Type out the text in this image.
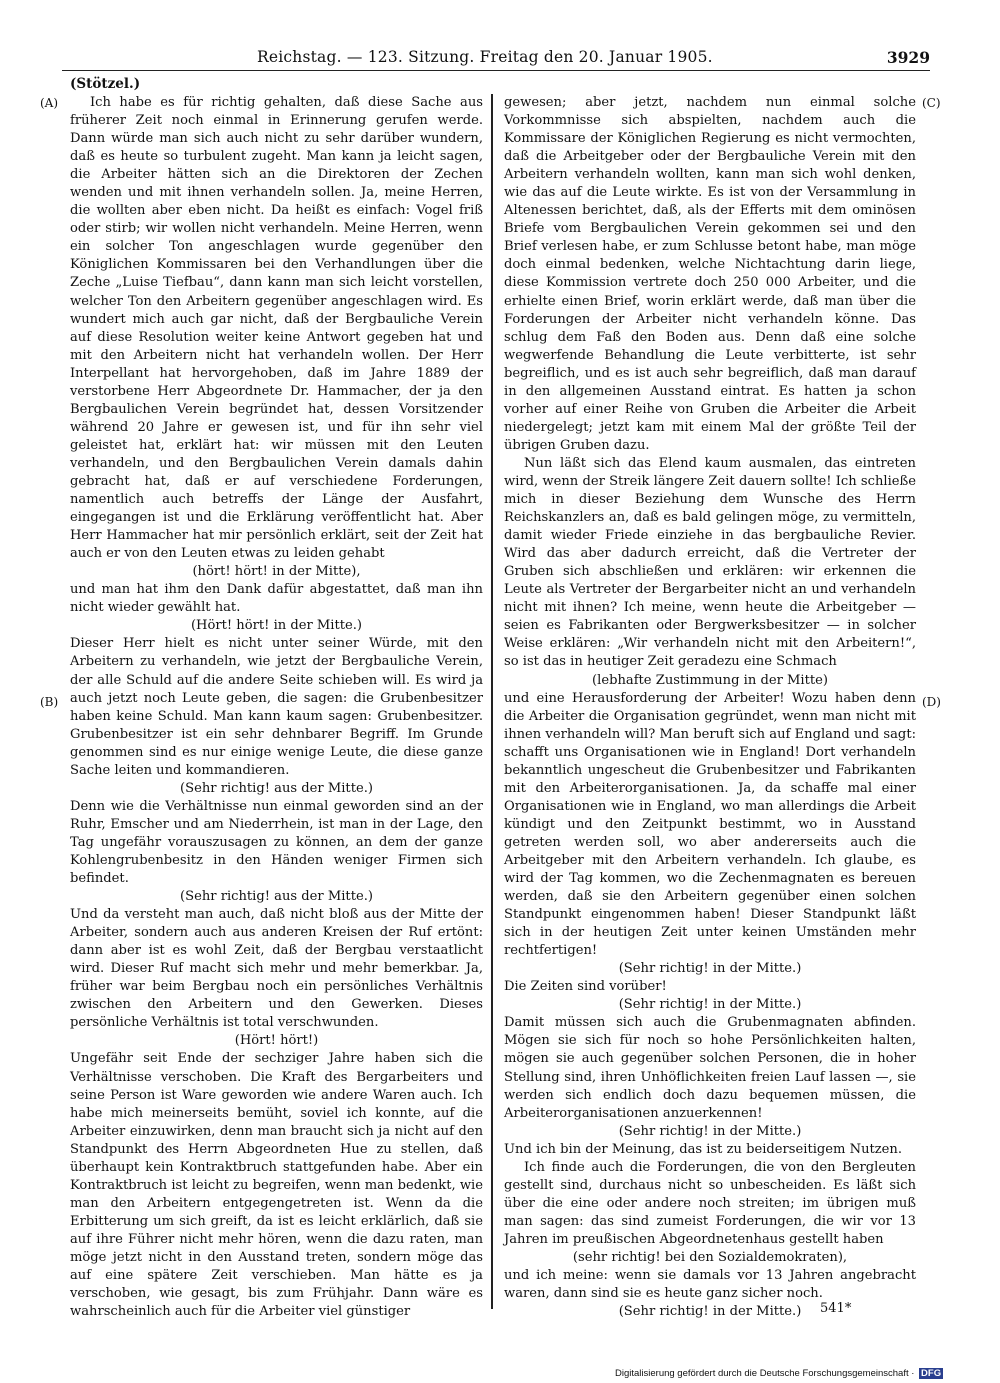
Reichstag. — 123. Sitzung. Freitag den 20. Januar 1905.	3929
(Stötzel.)
(A)
(B)
(C)
(D)

Ich habe es für richtig gehalten, daß diese Sache aus früherer Zeit noch einmal in Erinnerung gerufen werde. Dann würde man sich auch nicht zu sehr darüber wundern, daß es heute so turbulent zugeht. Man kann ja leicht sagen, die Arbeiter hätten sich an die Direktoren der Zechen wenden und mit ihnen verhandeln sollen. Ja, meine Herren, die wollten aber eben nicht. Da heißt es einfach: Vogel friß oder stirb; wir wollen nicht verhandeln. Meine Herren, wenn ein solcher Ton angeschlagen wurde gegenüber den Königlichen Kommissaren bei den Verhandlungen über die Zeche „Luise Tiefbau“, dann kann man sich leicht vorstellen, welcher Ton den Arbeitern gegenüber angeschlagen wird. Es wundert mich auch gar nicht, daß der Bergbauliche Verein auf diese Resolution weiter keine Antwort gegeben hat und mit den Arbeitern nicht hat verhandeln wollen. Der Herr Interpellant hat hervorgehoben, daß im Jahre 1889 der verstorbene Herr Abgeordnete Dr. Hammacher, der ja den Bergbaulichen Verein begründet hat, dessen Vorsitzender während 20 Jahre er gewesen ist, und für ihn sehr viel geleistet hat, erklärt hat: wir müssen mit den Leuten verhandeln, und den Bergbaulichen Verein damals dahin gebracht hat, daß er auf verschiedene Forderungen, namentlich auch betreffs der Länge der Ausfahrt, eingegangen ist und die Erklärung veröffentlicht hat. Aber Herr Hammacher hat mir persönlich erklärt, seit der Zeit hat auch er von den Leuten etwas zu leiden gehabt

(hört! hört! in der Mitte),

und man hat ihm den Dank dafür abgestattet, daß man ihn nicht wieder gewählt hat.

(Hört! hört! in der Mitte.)

Dieser Herr hielt es nicht unter seiner Würde, mit den Arbeitern zu verhandeln, wie jetzt der Bergbauliche Verein, der alle Schuld auf die andere Seite schieben will. Es wird ja auch jetzt noch Leute geben, die sagen: die Grubenbesitzer haben keine Schuld. Man kann kaum sagen: Grubenbesitzer. Grubenbesitzer ist ein sehr dehnbarer Begriff. Im Grunde genommen sind es nur einige wenige Leute, die diese ganze Sache leiten und kommandieren.

(Sehr richtig! aus der Mitte.)

Denn wie die Verhältnisse nun einmal geworden sind an der Ruhr, Emscher und am Niederrhein, ist man in der Lage, den Tag ungefähr vorauszusagen zu können, an dem der ganze Kohlengrubenbesitz in den Händen weniger Firmen sich befindet.

(Sehr richtig! aus der Mitte.)

Und da versteht man auch, daß nicht bloß aus der Mitte der Arbeiter, sondern auch aus anderen Kreisen der Ruf ertönt: dann aber ist es wohl Zeit, daß der Bergbau verstaatlicht wird. Dieser Ruf macht sich mehr und mehr bemerkbar. Ja, früher war beim Bergbau noch ein persönliches Verhältnis zwischen den Arbeitern und den Gewerken. Dieses persönliche Verhältnis ist total verschwunden.

(Hört! hört!)

Ungefähr seit Ende der sechziger Jahre haben sich die Verhältnisse verschoben. Die Kraft des Bergarbeiters und seine Person ist Ware geworden wie andere Waren auch. Ich habe mich meinerseits bemüht, soviel ich konnte, auf die Arbeiter einzuwirken, denn man braucht sich ja nicht auf den Standpunkt des Herrn Abgeordneten Hue zu stellen, daß überhaupt kein Kontraktbruch stattgefunden habe. Aber ein Kontraktbruch ist leicht zu begreifen, wenn man bedenkt, wie man den Arbeitern entgegengetreten ist. Wenn da die Erbitterung um sich greift, da ist es leicht erklärlich, daß sie auf ihre Führer nicht mehr hören, wenn die dazu raten, man möge jetzt nicht in den Ausstand treten, sondern möge das auf eine spätere Zeit verschieben. Man hätte es ja verschoben, wie gesagt, bis zum Frühjahr. Dann wäre es wahrscheinlich auch für die Arbeiter viel günstiger

gewesen; aber jetzt, nachdem nun einmal solche Vorkommnisse sich abspielten, nachdem auch die Kommissare der Königlichen Regierung es nicht vermochten, daß die Arbeitgeber oder der Bergbauliche Verein mit den Arbeitern verhandeln wollten, kann man sich wohl denken, wie das auf die Leute wirkte. Es ist von der Versammlung in Altenessen berichtet, daß, als der Efferts mit dem ominösen Briefe vom Bergbaulichen Verein gekommen sei und den Brief verlesen habe, er zum Schlusse betont habe, man möge doch einmal bedenken, welche Nichtachtung darin liege, diese Kommission vertrete doch 250 000 Arbeiter, und die erhielte einen Brief, worin erklärt werde, daß man über die Forderungen der Arbeiter nicht verhandeln könne. Das schlug dem Faß den Boden aus. Denn daß eine solche wegwerfende Behandlung die Leute verbitterte, ist sehr begreiflich, und es ist auch sehr begreiflich, daß man darauf in den allgemeinen Ausstand eintrat. Es hatten ja schon vorher auf einer Reihe von Gruben die Arbeiter die Arbeit niedergelegt; jetzt kam mit einem Mal der größte Teil der übrigen Gruben dazu.

Nun läßt sich das Elend kaum ausmalen, das eintreten wird, wenn der Streik längere Zeit dauern sollte! Ich schließe mich in dieser Beziehung dem Wunsche des Herrn Reichskanzlers an, daß es bald gelingen möge, zu vermitteln, damit wieder Friede einziehe in das bergbauliche Revier. Wird das aber dadurch erreicht, daß die Vertreter der Gruben sich abschließen und erklären: wir erkennen die Leute als Vertreter der Bergarbeiter nicht an und verhandeln nicht mit ihnen? Ich meine, wenn heute die Arbeitgeber — seien es Fabrikanten oder Bergwerksbesitzer — in solcher Weise erklären: „Wir verhandeln nicht mit den Arbeitern!“, so ist das in heutiger Zeit geradezu eine Schmach

(lebhafte Zustimmung in der Mitte)

und eine Herausforderung der Arbeiter! Wozu haben denn die Arbeiter die Organisation gegründet, wenn man nicht mit ihnen verhandeln will? Man beruft sich auf England und sagt: schafft uns Organisationen wie in England! Dort verhandeln bekanntlich ungescheut die Grubenbesitzer und Fabrikanten mit den Arbeiterorganisationen. Ja, da schaffe mal einer Organisationen wie in England, wo man allerdings die Arbeit kündigt und den Zeitpunkt bestimmt, wo in Ausstand getreten werden soll, wo aber andererseits auch die Arbeitgeber mit den Arbeitern verhandeln. Ich glaube, es wird der Tag kommen, wo die Zechenmagnaten es bereuen werden, daß sie den Arbeitern gegenüber einen solchen Standpunkt eingenommen haben! Dieser Standpunkt läßt sich in der heutigen Zeit unter keinen Umständen mehr rechtfertigen!

(Sehr richtig! in der Mitte.)

Die Zeiten sind vorüber!

(Sehr richtig! in der Mitte.)

Damit müssen sich auch die Grubenmagnaten abfinden. Mögen sie sich für noch so hohe Persönlichkeiten halten, mögen sie auch gegenüber solchen Personen, die in hoher Stellung sind, ihren Unhöflichkeiten freien Lauf lassen —, sie werden sich endlich doch dazu bequemen müssen, die Arbeiterorganisationen anzuerkennen!

(Sehr richtig! in der Mitte.)

Und ich bin der Meinung, das ist zu beiderseitigem Nutzen.

Ich finde auch die Forderungen, die von den Bergleuten gestellt sind, durchaus nicht so unbescheiden. Es läßt sich über die eine oder andere noch streiten; im übrigen muß man sagen: das sind zumeist Forderungen, die wir vor 13 Jahren im preußischen Abgeordnetenhaus gestellt haben

(sehr richtig! bei den Sozialdemokraten),

und ich meine: wenn sie damals vor 13 Jahren angebracht waren, dann sind sie es heute ganz sicher noch.

(Sehr richtig! in der Mitte.)	541*
Digitalisierung gefördert durch die Deutsche Forschungsgemeinschaft · DFG
